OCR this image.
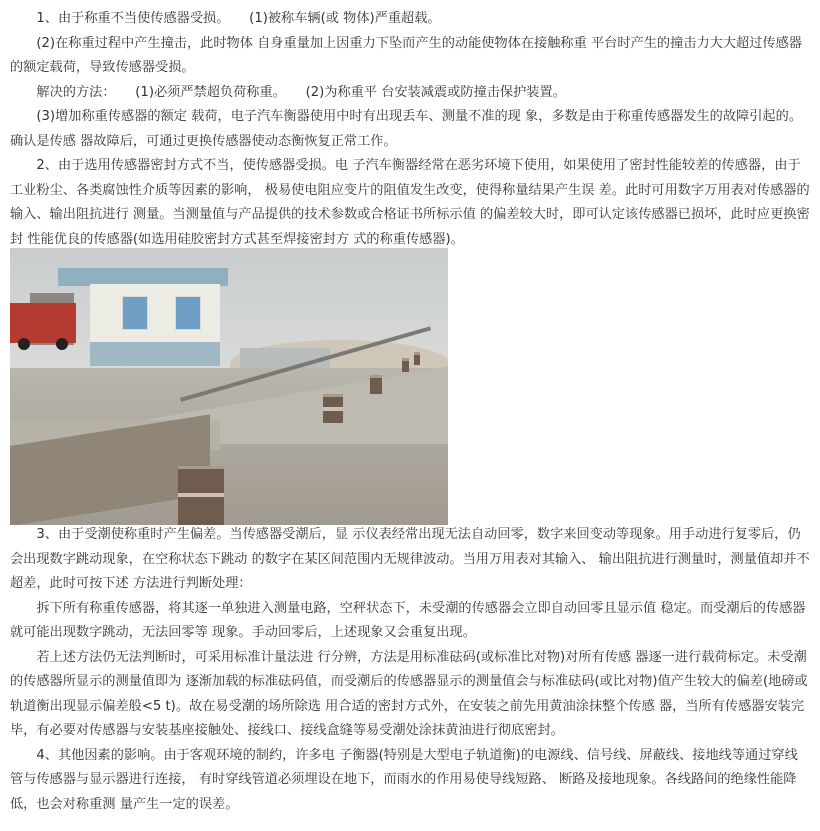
1、由于称重不当使传感器受损。　　(1)被称车辆(或 物体)严重超载。

(2)在称重过程中产生撞击，此时物体 自身重量加上因重力下坠而产生的动能使物体在接触称重 平台时产生的撞击力大大超过传感器的额定载荷，导致传感器受损。

解决的方法：　　(1)必须严禁超负荷称重。　　(2)为称重平 台安装减震或防撞击保护装置。

(3)增加称重传感器的额定 载荷，电子汽车衡器使用中时有出现丢车、测量不准的现 象，多数是由于称重传感器发生的故障引起的。确认是传感 器故障后，可通过更换传感器使动态衡恢复正常工作。

2、由于选用传感器密封方式不当，使传感器受损。电 子汽车衡器经常在恶劣环境下使用，如果使用了密封性能较差的传感器，由于工业粉尘、各类腐蚀性介质等因素的影响， 极易使电阻应变片的阻值发生改变，使得称量结果产生误 差。此时可用数字万用表对传感器的输入、输出阻抗进行 测量。当测量值与产品提供的技术参数或合格证书所标示值 的偏差较大时，即可认定该传感器已损坏，此时应更换密封 性能优良的传感器(如选用硅胶密封方式甚至焊接密封方 式的称重传感器)。

3、由于受潮使称重时产生偏差。当传感器受潮后，显 示仪表经常出现无法自动回零，数字来回变动等现象。用手动进行复零后，仍会出现数字跳动现象，在空称状态下跳动 的数字在某区间范围内无规律波动。当用万用表对其输入、 输出阻抗进行测量时，测量值却并不超差，此时可按下述 方法进行判断处理：

拆下所有称重传感器，将其逐一单独进入测量电路，空秤状态下，未受潮的传感器会立即自动回零且显示值 稳定。而受潮后的传感器就可能出现数字跳动，无法回零等 现象。手动回零后，上述现象又会重复出现。

若上述方法仍无法判断时，可采用标准计量法进 行分辨，方法是用标准砝码(或标准比对物)对所有传感 器逐一进行载荷标定。未受潮的传感器所显示的测量值即为 逐渐加载的标准砝码值，而受潮后的传感器显示的测量值会与标准砝码(或比对物)值产生较大的偏差(地磅或 轨道衡出现显示偏差般<5 t)。故在易受潮的场所除选 用合适的密封方式外，在安装之前先用黄油涂抹整个传感 器，当所有传感器安装完毕，有必要对传感器与安装基座接触处、接线口、接线盒缝等易受潮处涂抹黄油进行彻底密封。

4、其他因素的影响。由于客观环境的制约，许多电 子衡器(特别是大型电子轨道衡)的电源线、信号线、屏蔽线、接地线等通过穿线管与传感器与显示器进行连接， 有时穿线管道必须埋设在地下，而雨水的作用易使导线短路、 断路及接地现象。各线路间的绝缘性能降低，也会对称重测 量产生一定的误差。
